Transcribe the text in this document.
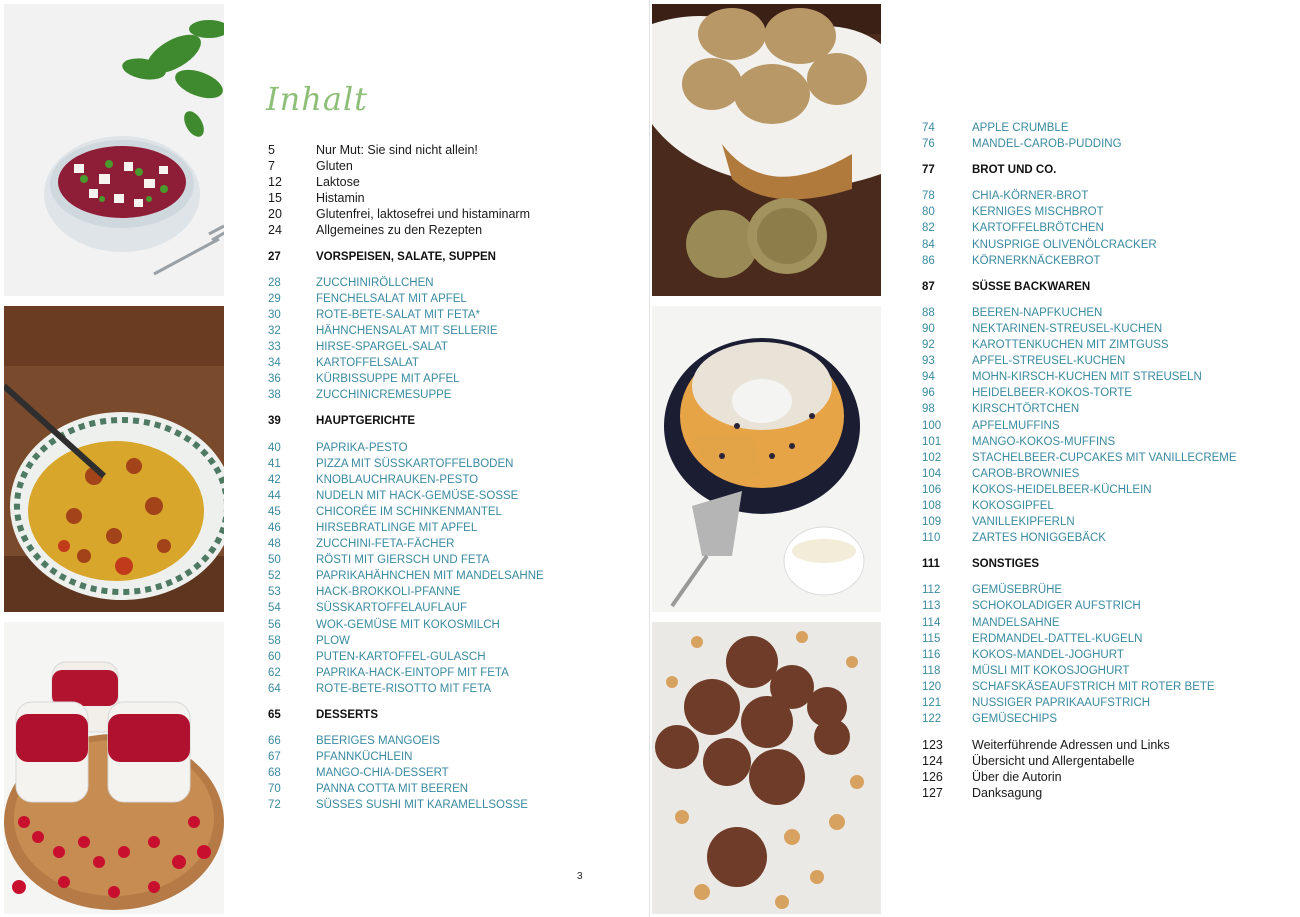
Inhalt
5	Nur Mut: Sie sind nicht allein!
7	Gluten
12	Laktose
15	Histamin
20	Glutenfrei, laktosefrei und histaminarm
24	Allgemeines zu den Rezepten
27	VORSPEISEN, SALATE, SUPPEN
28	ZUCCHINIRÖLLCHEN
29	FENCHELSALAT MIT APFEL
30	ROTE-BETE-SALAT MIT FETA*
32	HÄHNCHENSALAT MIT SELLERIE
33	HIRSE-SPARGEL-SALAT
34	KARTOFFELSALAT
36	KÜRBISSUPPE MIT APFEL
38	ZUCCHINICREMESUPPE
39	HAUPTGERICHTE
40	PAPRIKA-PESTO
41	PIZZA MIT SÜSSKARTOFFELBODEN
42	KNOBLAUCHRAUKEN-PESTO
44	NUDELN MIT HACK-GEMÜSE-SOSSE
45	CHICORÉE IM SCHINKENMANTEL
46	HIRSEBRATLINGE MIT APFEL
48	ZUCCHINI-FETA-FÄCHER
50	RÖSTI MIT GIERSCH UND FETA
52	PAPRIKAHÄHNCHEN MIT MANDELSAHNE
53	HACK-BROKKOLI-PFANNE
54	SÜSSKARTOFFELAUFLAUF
56	WOK-GEMÜSE MIT KOKOSMILCH
58	PLOW
60	PUTEN-KARTOFFEL-GULASCH
62	PAPRIKA-HACK-EINTOPF MIT FETA
64	ROTE-BETE-RISOTTO MIT FETA
65	DESSERTS
66	BEERIGES MANGOEIS
67	PFANNKÜCHLEIN
68	MANGO-CHIA-DESSERT
70	PANNA COTTA MIT BEEREN
72	SÜSSES SUSHI MIT KARAMELLSOSSE
3
74	APPLE CRUMBLE
76	MANDEL-CAROB-PUDDING
77	BROT UND CO.
78	CHIA-KÖRNER-BROT
80	KERNIGES MISCHBROT
82	KARTOFFELBRÖTCHEN
84	KNUSPRIGE OLIVENÖLCRACKER
86	KÖRNERKNÄCKEBROT
87	SÜSSE BACKWAREN
88	BEEREN-NAPFKUCHEN
90	NEKTARINEN-STREUSEL-KUCHEN
92	KAROTTENKUCHEN MIT ZIMTGUSS
93	APFEL-STREUSEL-KUCHEN
94	MOHN-KIRSCH-KUCHEN MIT STREUSELN
96	HEIDELBEER-KOKOS-TORTE
98	KIRSCHTÖRTCHEN
100	APFELMUFFINS
101	MANGO-KOKOS-MUFFINS
102	STACHELBEER-CUPCAKES MIT VANILLECREME
104	CAROB-BROWNIES
106	KOKOS-HEIDELBEER-KÜCHLEIN
108	KOKOSGIPFEL
109	VANILLEKIPFERLN
110	ZARTES HONIGGEBÄCK
111	SONSTIGES
112	GEMÜSEBRÜHE
113	SCHOKOLADIGER AUFSTRICH
114	MANDELSAHNE
115	ERDMANDEL-DATTEL-KUGELN
116	KOKOS-MANDEL-JOGHURT
118	MÜSLI MIT KOKOSJOGHURT
120	SCHAFSKÄSEAUFSTRICH MIT ROTER BETE
121	NUSSIGER PAPRIKAAUFSTRICH
122	GEMÜSECHIPS
123 Weiterführende Adressen und Links
124 Übersicht und Allergentabelle
126 Über die Autorin
127 Danksagung
